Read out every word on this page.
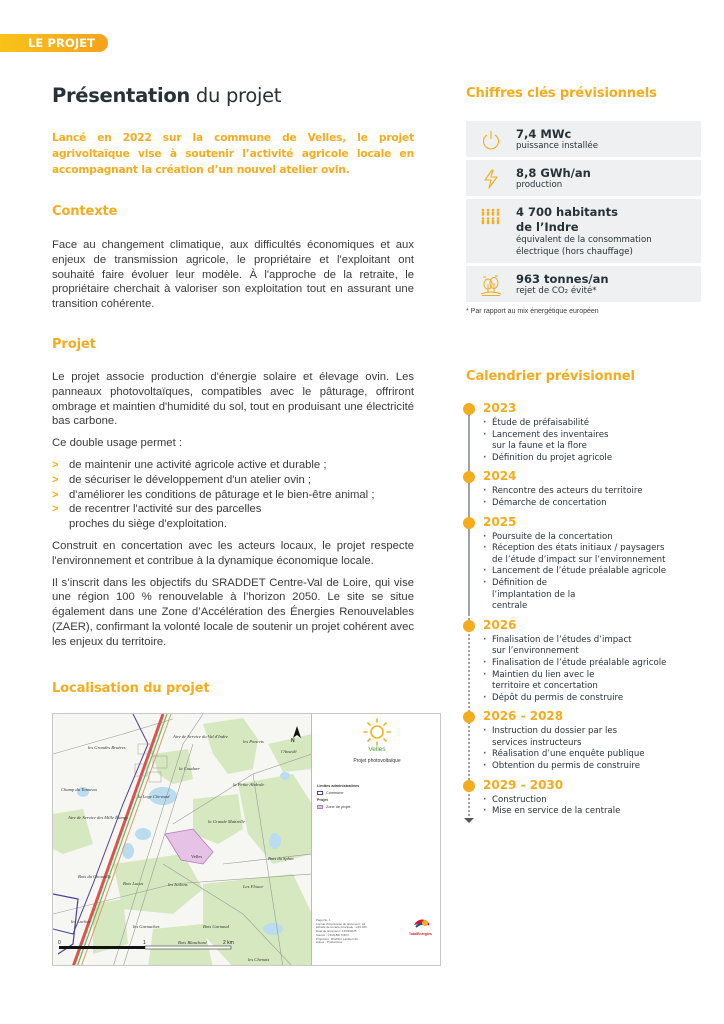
LE PROJET
Présentation du projet
Lancé en 2022 sur la commune de Velles, le projet agrivoltaïque vise à soutenir l’activité agricole locale en accompagnant la création d’un nouvel atelier ovin.
Contexte

Face au changement climatique, aux difficultés économiques et aux enjeux de transmission agricole, le propriétaire et l'exploitant ont souhaité faire évoluer leur modèle. À l'approche de la retraite, le propriétaire cherchait à valoriser son exploitation tout en assurant une transition cohérente.

Projet

Le projet associe production d'énergie solaire et élevage ovin. Les panneaux photovoltaïques, compatibles avec le pâturage, offriront ombrage et maintien d'humidité du sol, tout en produisant une électricité bas carbone.

Ce double usage permet :

> de maintenir une activité agricole active et durable ;
> de sécuriser le développement d'un atelier ovin ;
> d'améliorer les conditions de pâturage et le bien-être animal ;
> de recentrer l'activité sur des parcelles proches du siège d'exploitation.

Construit en concertation avec les acteurs locaux, le projet respecte l'environnement et contribue à la dynamique économique locale.

Il s’inscrit dans les objectifs du SRADDET Centre-Val de Loire, qui vise une région 100 % renouvelable à l’horizon 2050. Le site se situe également dans une Zone d’Accélération des Énergies Renouvelables (ZAER), confirmant la volonté locale de soutenir un projet cohérent avec les enjeux du territoire.

Localisation du projet
N
les Grandes Bruères
Aire de Service du Val d'Indre
les Poncets
l'Ansedé
la Coudure
Champ du Tonneau
la Petite Abdrale
Aire de Service des Mille Étangs
la Loge Chevaud
la Grande Mattrelle
Velles	Bois du Sphin
Bois du Chouvilly
Bois Lucas	les Isolons	Les Flouor
les Loches
les Garnachez	Bois Garnaud
Bois Blanchard
les Chenats
0	1	2 km
Velles
Projet photovoltaïque
Limites administratives
Commune
Projet
Zone de projet
Page No. 1
Format d'impression du document : A4
Echelle de la carte principale : 1/15 000
Date du document : 13/03/2025
Source : ©IGN-BD TOPO
Projection : RGF93 / Lambert 93
Auteur : ProductLine
TotalEnergies
Chiffres clés prévisionnels
7,4 MWc
puissance installée
8,8 GWh/an
production
4 700 habitants de l’Indre
équivalent de la consommation électrique (hors chauffage)
963 tonnes/an
rejet de CO₂ évité*
* Par rapport au mix énergétique européen
Calendrier prévisionnel
2023
· Étude de préfaisabilité
· Lancement des inventaires sur la faune et la flore
· Définition du projet agricole
2024
· Rencontre des acteurs du territoire
· Démarche de concertation
2025
· Poursuite de la concertation
· Réception des états initiaux / paysagers de l’étude d’impact sur l’environnement
· Lancement de l’étude préalable agricole
· Définition de l’implantation de la centrale
2026
· Finalisation de l’études d’impact sur l’environnement
· Finalisation de l’étude préalable agricole
· Maintien du lien avec le territoire et concertation
· Dépôt du permis de construire
2026 - 2028
· Instruction du dossier par les services instructeurs
· Réalisation d’une enquête publique
· Obtention du permis de construire
2029 - 2030
· Construction
· Mise en service de la centrale
